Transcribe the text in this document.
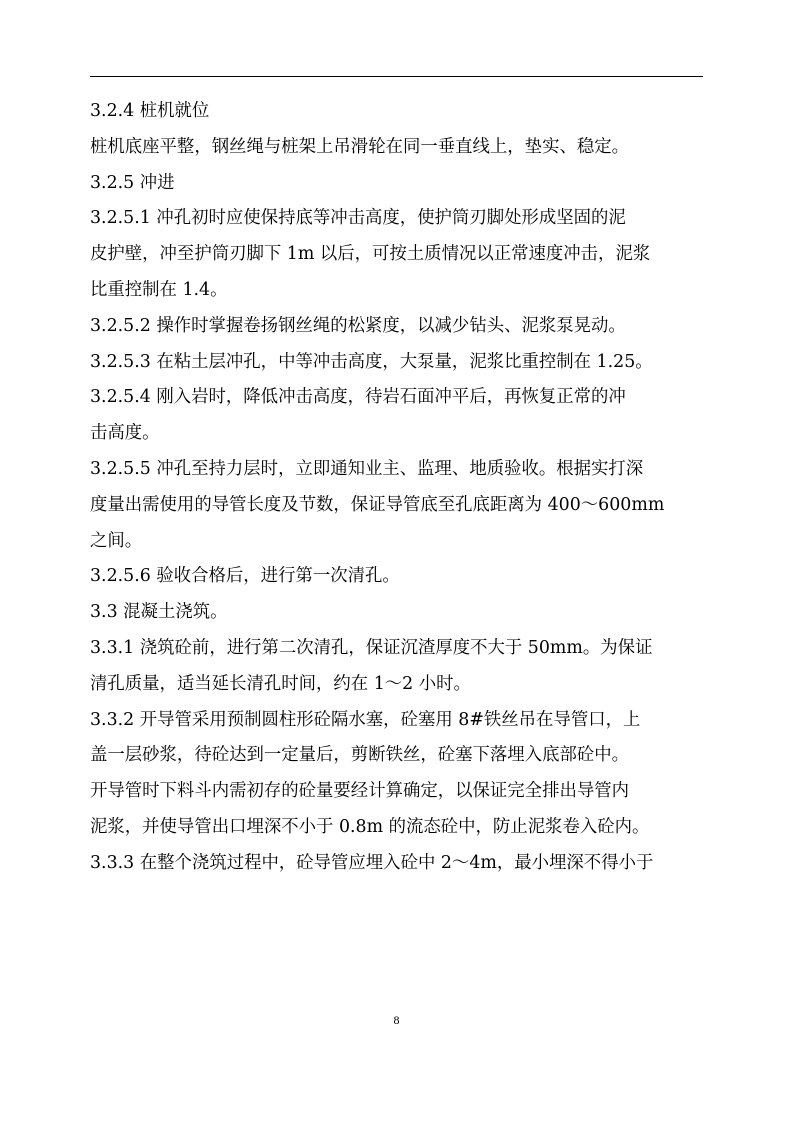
3.2.4 桩机就位
桩机底座平整，钢丝绳与桩架上吊滑轮在同一垂直线上，垫实、稳定。
3.2.5 冲进
3.2.5.1 冲孔初时应使保持底等冲击高度，使护筒刃脚处形成坚固的泥
皮护壁，冲至护筒刃脚下 1m 以后，可按土质情况以正常速度冲击，泥浆
比重控制在 1.4。
3.2.5.2 操作时掌握卷扬钢丝绳的松紧度，以减少钻头、泥浆泵晃动。
3.2.5.3 在粘土层冲孔，中等冲击高度，大泵量，泥浆比重控制在 1.25。
3.2.5.4 刚入岩时，降低冲击高度，待岩石面冲平后，再恢复正常的冲
击高度。
3.2.5.5 冲孔至持力层时，立即通知业主、监理、地质验收。根据实打深
度量出需使用的导管长度及节数，保证导管底至孔底距离为 400～600mm
之间。
3.2.5.6 验收合格后，进行第一次清孔。
3.3 混凝土浇筑。
3.3.1 浇筑砼前，进行第二次清孔，保证沉渣厚度不大于 50mm。为保证
清孔质量，适当延长清孔时间，约在 1～2 小时。
3.3.2 开导管采用预制圆柱形砼隔水塞，砼塞用 8#铁丝吊在导管口，上
盖一层砂浆，待砼达到一定量后，剪断铁丝，砼塞下落埋入底部砼中。
开导管时下料斗内需初存的砼量要经计算确定，以保证完全排出导管内
泥浆，并使导管出口埋深不小于 0.8m 的流态砼中，防止泥浆卷入砼内。
3.3.3 在整个浇筑过程中，砼导管应埋入砼中 2～4m，最小埋深不得小于
8
